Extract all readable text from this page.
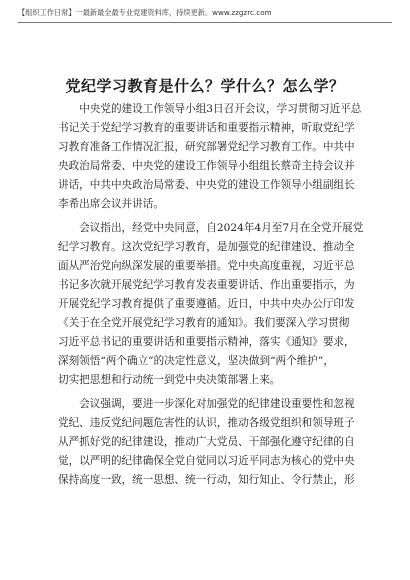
【组织工作日常】一最新最全最专业党建资料库，持续更新。www.zzgzrc.com
党纪学习教育是什么？学什么？怎么学？
中央党的建设工作领导小组3日召开会议，学习贯彻习近平总
书记关于党纪学习教育的重要讲话和重要指示精神，听取党纪学
习教育准备工作情况汇报，研究部署党纪学习教育工作。中共中
央政治局常委、中央党的建设工作领导小组组长蔡奇主持会议并
讲话，中共中央政治局常委、中央党的建设工作领导小组副组长
李希出席会议并讲话。
会议指出，经党中央同意，自2024年4月至7月在全党开展党
纪学习教育。这次党纪学习教育，是加强党的纪律建设、推动全
面从严治党向纵深发展的重要举措。党中央高度重视，习近平总
书记多次就开展党纪学习教育发表重要讲话、作出重要指示，为
开展党纪学习教育提供了重要遵循。近日，中共中央办公厅印发
《关于在全党开展党纪学习教育的通知》。我们要深入学习贯彻
习近平总书记的重要讲话和重要指示精神，落实《通知》要求，
深刻领悟“两个确立”的决定性意义，坚决做到“两个维护”，
切实把思想和行动统一到党中央决策部署上来。
会议强调，要进一步深化对加强党的纪律建设重要性和忽视
党纪、违反党纪问题危害性的认识，推动各级党组织和领导班子
从严抓好党的纪律建设，推动广大党员、干部强化遵守纪律的自
觉，以严明的纪律确保全党自觉同以习近平同志为核心的党中央
保持高度一致，统一思想、统一行动，知行知止、令行禁止，形
